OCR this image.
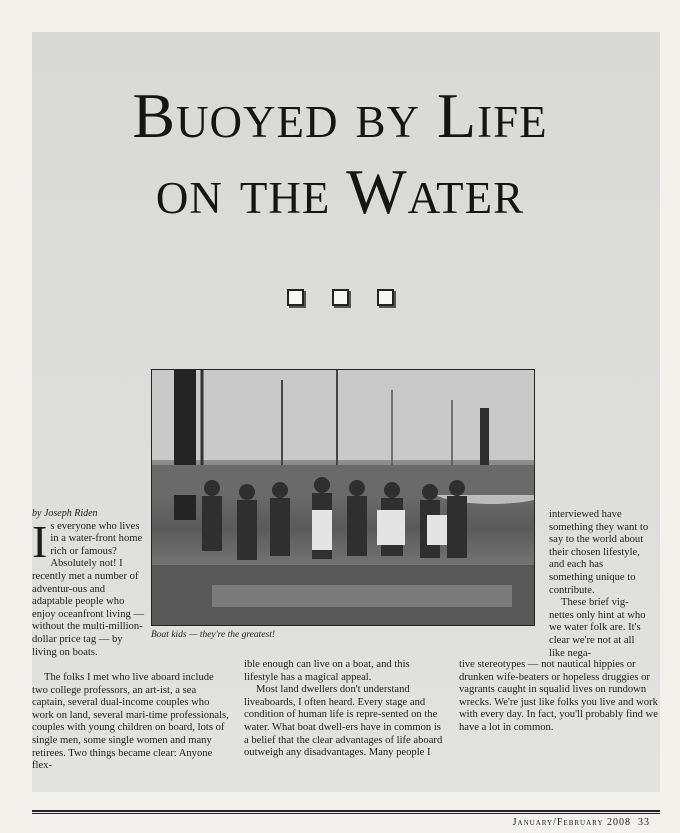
Buoyed by Life
on the Water

Boat kids — they're the greatest!

by Joseph Riden

Is everyone who lives in a water-front home rich or famous? Absolutely not! I recently met a number of adventur-ous and adaptable people who enjoy oceanfront living — without the multi-million-dollar price tag — by living on boats.

The folks I met who live aboard include two college professors, an art-ist, a sea captain, several dual-income couples who work on land, several mari-time professionals, couples with young children on board, lots of single men, some single women and many retirees. Two things became clear: Anyone flex-

ible enough can live on a boat, and this lifestyle has a magical appeal.

Most land dwellers don't understand liveaboards, I often heard. Every stage and condition of human life is repre-sented on the water. What boat dwell-ers have in common is a belief that the clear advantages of life aboard outweigh any disadvantages. Many people I

interviewed have something they want to say to the world about their chosen lifestyle, and each has something unique to contribute.

These brief vig-nettes only hint at who we water folk are. It's clear we're not at all like nega-

tive stereotypes — not nautical hippies or drunken wife-beaters or hopeless druggies or vagrants caught in squalid lives on rundown wrecks. We're just like folks you live and work with every day. In fact, you'll probably find we have a lot in common.

January/February 2008 33
